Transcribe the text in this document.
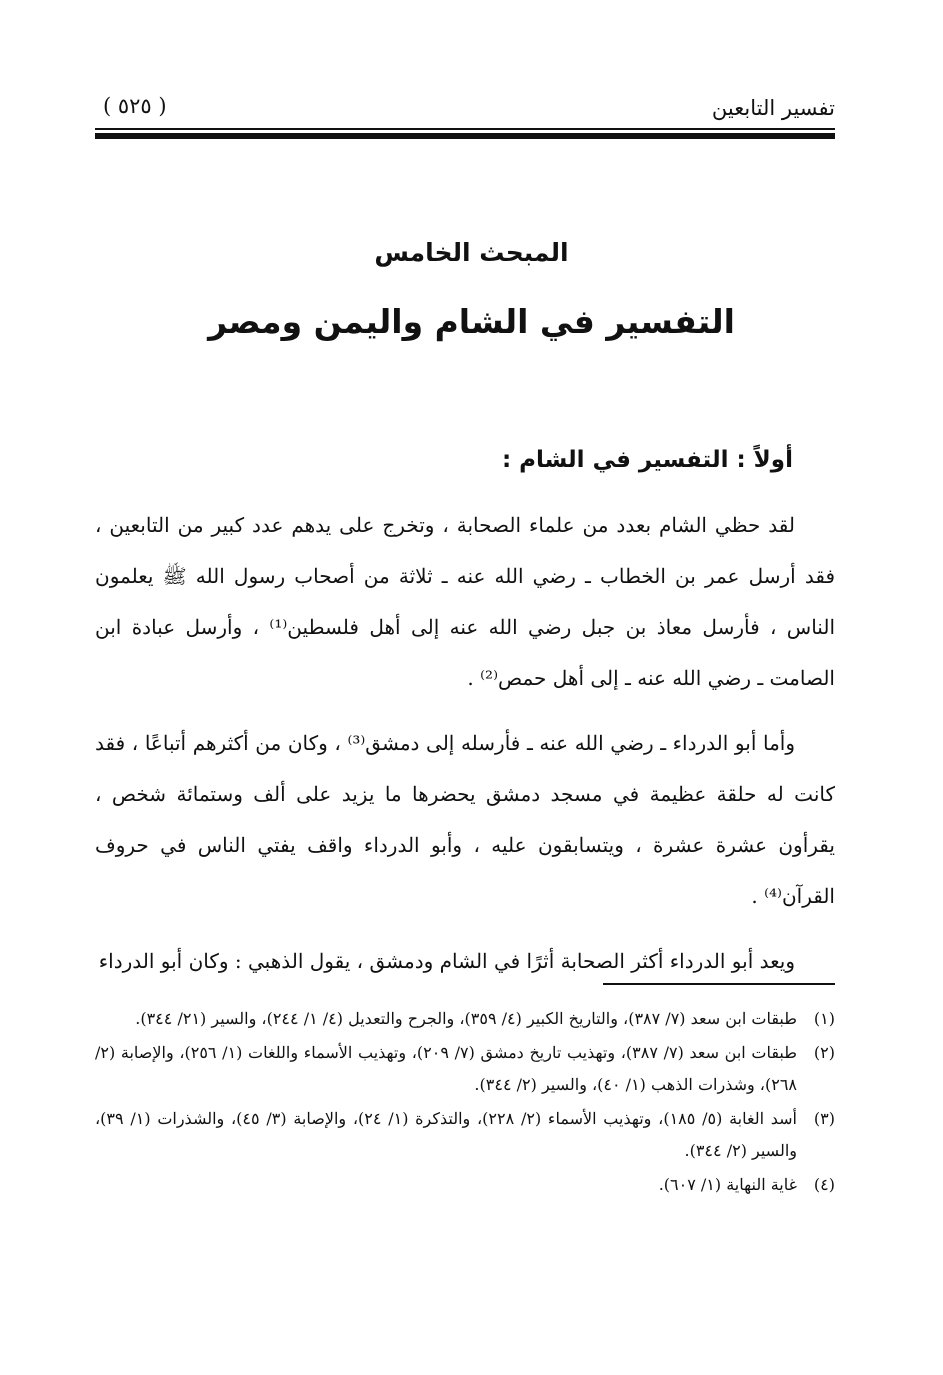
تفسير التابعين
( ٥٢٥ )
المبحث الخامس
التفسير في الشام واليمن ومصر
أولاً : التفسير في الشام :

لقد حظي الشام بعدد من علماء الصحابة ، وتخرج على يدهم عدد كبير من التابعين ، فقد أرسل عمر بن الخطاب ـ رضي الله عنه ـ ثلاثة من أصحاب رسول الله ﷺ يعلمون الناس ، فأرسل معاذ بن جبل رضي الله عنه إلى أهل فلسطين⁽¹⁾ ، وأرسل عبادة ابن الصامت ـ رضي الله عنه ـ إلى أهل حمص⁽²⁾ .

وأما أبو الدرداء ـ رضي الله عنه ـ فأرسله إلى دمشق⁽³⁾ ، وكان من أكثرهم أتباعًا ، فقد كانت له حلقة عظيمة في مسجد دمشق يحضرها ما يزيد على ألف وستمائة شخص ، يقرأون عشرة عشرة ، ويتسابقون عليه ، وأبو الدرداء واقف يفتي الناس في حروف القرآن⁽⁴⁾ .

ويعد أبو الدرداء أكثر الصحابة أثرًا في الشام ودمشق ، يقول الذهبي : وكان أبو الدرداء

(١)
طبقات ابن سعد (٧/ ٣٨٧)، والتاريخ الكبير (٤/ ٣٥٩)، والجرح والتعديل (٤/ ١/ ٢٤٤)، والسير (٢١/ ٣٤٤).
(٢)
طبقات ابن سعد (٧/ ٣٨٧)، وتهذيب تاريخ دمشق (٧/ ٢٠٩)، وتهذيب الأسماء واللغات (١/ ٢٥٦)، والإصابة (٢/ ٢٦٨)، وشذرات الذهب (١/ ٤٠)، والسير (٢/ ٣٤٤).
(٣)
أسد الغابة (٥/ ١٨٥)، وتهذيب الأسماء (٢/ ٢٢٨)، والتذكرة (١/ ٢٤)، والإصابة (٣/ ٤٥)، والشذرات (١/ ٣٩)، والسير (٢/ ٣٤٤).
(٤)
غاية النهاية (١/ ٦٠٧).
